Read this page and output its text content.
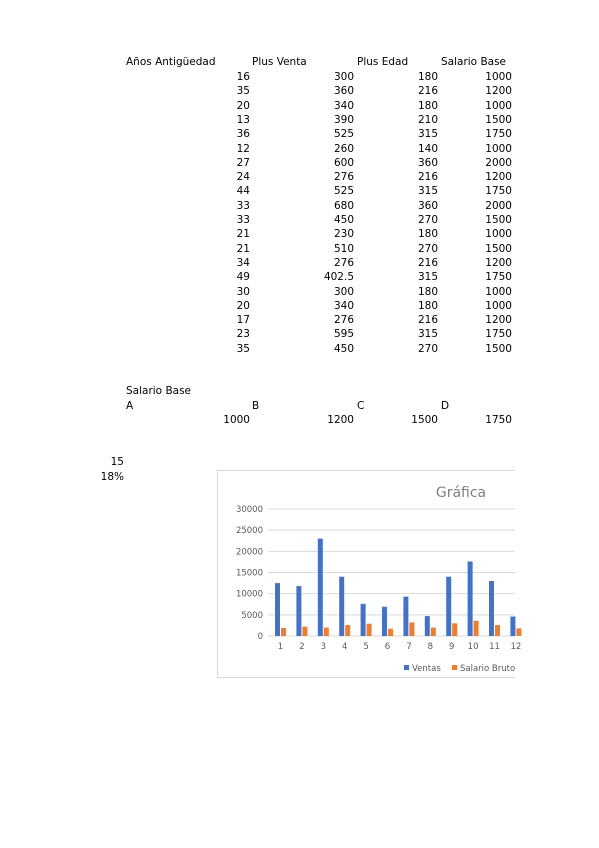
Años Antigüedad	Plus Venta	Plus Edad	Salario Base
16	300	180	1000
35	360	216	1200
20	340	180	1000
13	390	210	1500
36	525	315	1750
12	260	140	1000
27	600	360	2000
24	276	216	1200
44	525	315	1750
33	680	360	2000
33	450	270	1500
21	230	180	1000
21	510	270	1500
34	276	216	1200
49	402.5	315	1750
30	300	180	1000
20	340	180	1000
17	276	216	1200
23	595	315	1750
35	450	270	1500
Salario Base
A	B	C	D
1000	1200	1500	1750
15
18%
Gráfica
0
5000
10000
15000
20000
25000
30000
1 2 3 4 5 6 7 8 9 10 11 12
Ventas Salario Bruto
